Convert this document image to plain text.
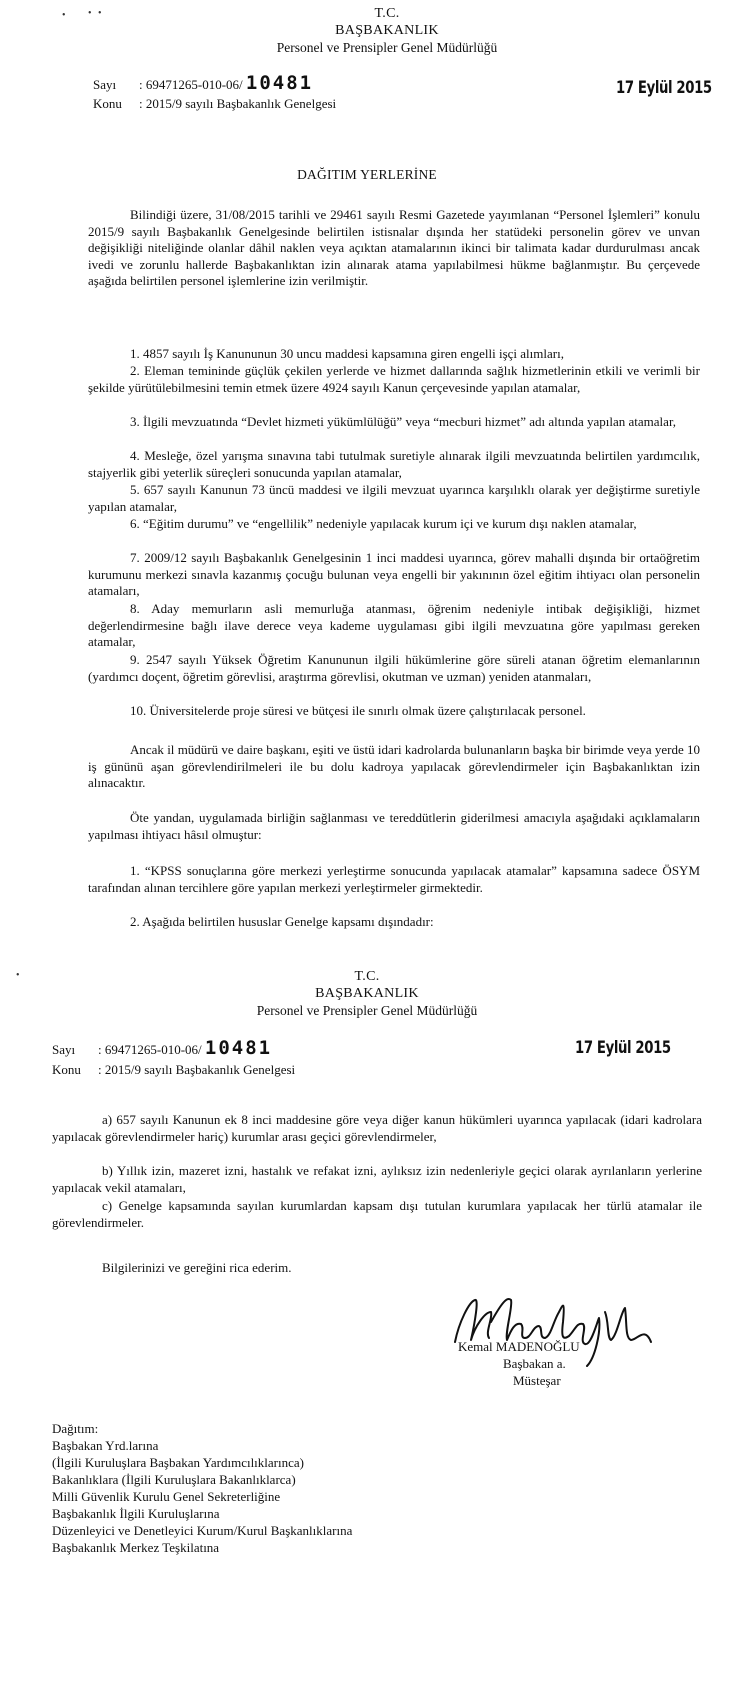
• • •
•
T.C.
BAŞBAKANLIK
Personel ve Prensipler Genel Müdürlüğü
Sayı : 69471265-010-06/ 10481
Konu : 2015/9 sayılı Başbakanlık Genelgesi
17 Eylül 2015
DAĞITIM YERLERİNE
Bilindiği üzere, 31/08/2015 tarihli ve 29461 sayılı Resmi Gazetede yayımlanan “Personel İşlemleri” konulu 2015/9 sayılı Başbakanlık Genelgesinde belirtilen istisnalar dışında her statüdeki personelin görev ve unvan değişikliği niteliğinde olanlar dâhil naklen veya açıktan atamalarının ikinci bir talimata kadar durdurulması ancak ivedi ve zorunlu hallerde Başbakanlıktan izin alınarak atama yapılabilmesi hükme bağlanmıştır. Bu çerçevede aşağıda belirtilen personel işlemlerine izin verilmiştir.
1. 4857 sayılı İş Kanununun 30 uncu maddesi kapsamına giren engelli işçi alımları,
2. Eleman temininde güçlük çekilen yerlerde ve hizmet dallarında sağlık hizmetlerinin etkili ve verimli bir şekilde yürütülebilmesini temin etmek üzere 4924 sayılı Kanun çerçevesinde yapılan atamalar,
3. İlgili mevzuatında “Devlet hizmeti yükümlülüğü” veya “mecburi hizmet” adı altında yapılan atamalar,
4. Mesleğe, özel yarışma sınavına tabi tutulmak suretiyle alınarak ilgili mevzuatında belirtilen yardımcılık, stajyerlik gibi yeterlik süreçleri sonucunda yapılan atamalar,
5. 657 sayılı Kanunun 73 üncü maddesi ve ilgili mevzuat uyarınca karşılıklı olarak yer değiştirme suretiyle yapılan atamalar,
6. “Eğitim durumu” ve “engellilik” nedeniyle yapılacak kurum içi ve kurum dışı naklen atamalar,
7. 2009/12 sayılı Başbakanlık Genelgesinin 1 inci maddesi uyarınca, görev mahalli dışında bir ortaöğretim kurumunu merkezi sınavla kazanmış çocuğu bulunan veya engelli bir yakınının özel eğitim ihtiyacı olan personelin atamaları,
8. Aday memurların asli memurluğa atanması, öğrenim nedeniyle intibak değişikliği, hizmet değerlendirmesine bağlı ilave derece veya kademe uygulaması gibi ilgili mevzuatına göre yapılması gereken atamalar,
9. 2547 sayılı Yüksek Öğretim Kanununun ilgili hükümlerine göre süreli atanan öğretim elemanlarının (yardımcı doçent, öğretim görevlisi, araştırma görevlisi, okutman ve uzman) yeniden atanmaları,
10. Üniversitelerde proje süresi ve bütçesi ile sınırlı olmak üzere çalıştırılacak personel.
Ancak il müdürü ve daire başkanı, eşiti ve üstü idari kadrolarda bulunanların başka bir birimde veya yerde 10 iş gününü aşan görevlendirilmeleri ile bu dolu kadroya yapılacak görevlendirmeler için Başbakanlıktan izin alınacaktır.
Öte yandan, uygulamada birliğin sağlanması ve tereddütlerin giderilmesi amacıyla aşağıdaki açıklamaların yapılması ihtiyacı hâsıl olmuştur:
1. “KPSS sonuçlarına göre merkezi yerleştirme sonucunda yapılacak atamalar” kapsamına sadece ÖSYM tarafından alınan tercihlere göre yapılan merkezi yerleştirmeler girmektedir.
2. Aşağıda belirtilen hususlar Genelge kapsamı dışındadır:
T.C.
BAŞBAKANLIK
Personel ve Prensipler Genel Müdürlüğü
Sayı : 69471265-010-06/ 10481
Konu : 2015/9 sayılı Başbakanlık Genelgesi
17 Eylül 2015
a) 657 sayılı Kanunun ek 8 inci maddesine göre veya diğer kanun hükümleri uyarınca yapılacak (idari kadrolara yapılacak görevlendirmeler hariç) kurumlar arası geçici görevlendirmeler,
b) Yıllık izin, mazeret izni, hastalık ve refakat izni, aylıksız izin nedenleriyle geçici olarak ayrılanların yerlerine yapılacak vekil atamaları,
c) Genelge kapsamında sayılan kurumlardan kapsam dışı tutulan kurumlara yapılacak her türlü atamalar ile görevlendirmeler.
Bilgilerinizi ve gereğini rica ederim.
Kemal MADENOĞLU
Başbakan a.
Müsteşar
Dağıtım:
Başbakan Yrd.larına
(İlgili Kuruluşlara Başbakan Yardımcılıklarınca)
Bakanlıklara (İlgili Kuruluşlara Bakanlıklarca)
Milli Güvenlik Kurulu Genel Sekreterliğine
Başbakanlık İlgili Kuruluşlarına
Düzenleyici ve Denetleyici Kurum/Kurul Başkanlıklarına
Başbakanlık Merkez Teşkilatına
